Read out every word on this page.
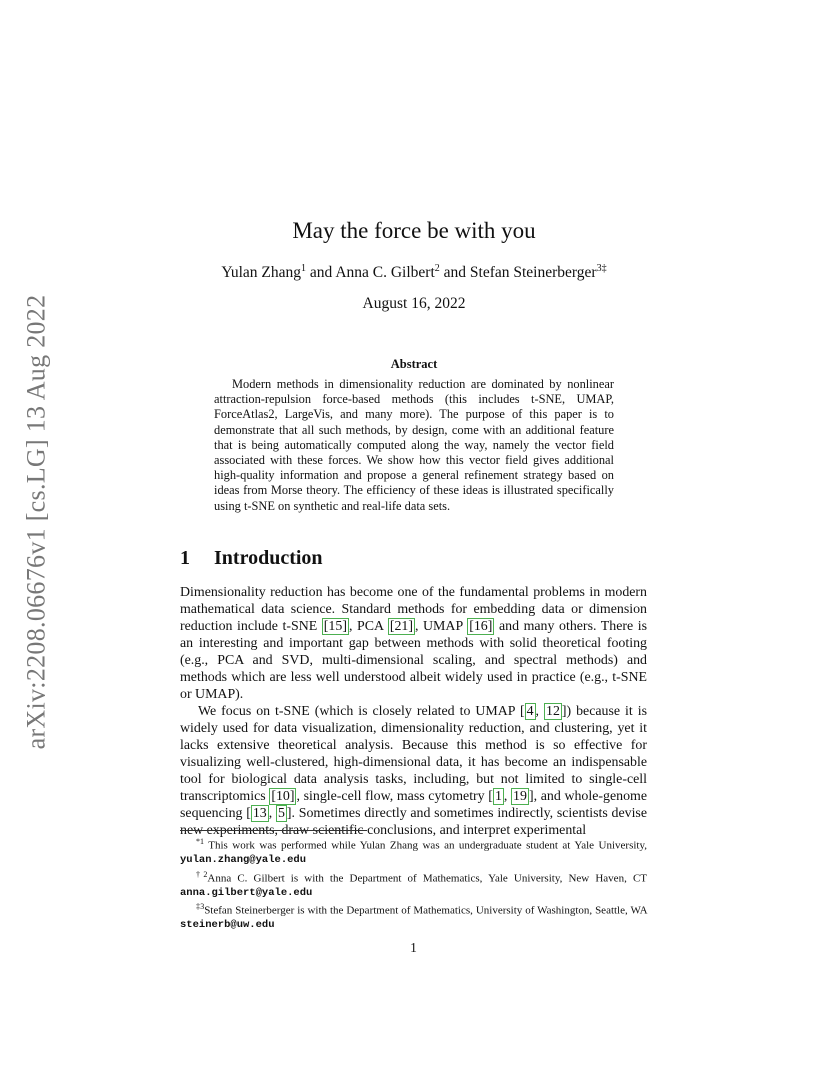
arXiv:2208.06676v1 [cs.LG] 13 Aug 2022
May the force be with you
Yulan Zhang$^1$ and Anna C. Gilbert$^2$ and Stefan Steinerberger$^{3\ddagger}$
August 16, 2022
Abstract

Modern methods in dimensionality reduction are dominated by nonlinear attraction-repulsion force-based methods (this includes t-SNE, UMAP, ForceAtlas2, LargeVis, and many more). The purpose of this paper is to demonstrate that all such methods, by design, come with an additional feature that is being automatically computed along the way, namely the vector field associated with these forces. We show how this vector field gives additional high-quality information and propose a general refinement strategy based on ideas from Morse theory. The efficiency of these ideas is illustrated specifically using t-SNE on synthetic and real-life data sets.

1 Introduction

Dimensionality reduction has become one of the fundamental problems in modern mathematical data science. Standard methods for embedding data or dimension reduction include t-SNE [15] , PCA [21] , UMAP [16] and many others. There is an interesting and important gap between methods with solid theoretical footing (e.g., PCA and SVD, multi-dimensional scaling, and spectral methods) and methods which are less well understood albeit widely used in practice (e.g., t-SNE or UMAP).

We focus on t-SNE (which is closely related to UMAP [ 4 , 12 ]) because it is widely used for data visualization, dimensionality reduction, and clustering, yet it lacks extensive theoretical analysis. Because this method is so effective for visualizing well-clustered, high-dimensional data, it has become an indispensable tool for biological data analysis tasks, including, but not limited to single-cell transcriptomics [10] , single-cell flow, mass cytometry [ 1 , 19 ], and whole-genome sequencing [ 13 , 5 ]. Sometimes directly and sometimes indirectly, scientists devise new experiments, draw scientific conclusions, and interpret experimental

$^{*1}$ This work was performed while Yulan Zhang was an undergraduate student at Yale University, yulan.zhang@yale.edu

$^{\dagger 2}$Anna C. Gilbert is with the Department of Mathematics, Yale University, New Haven, CT anna.gilbert@yale.edu

$^{\ddagger 3}$Stefan Steinerberger is with the Department of Mathematics, University of Washington, Seattle, WA steinerb@uw.edu

1
